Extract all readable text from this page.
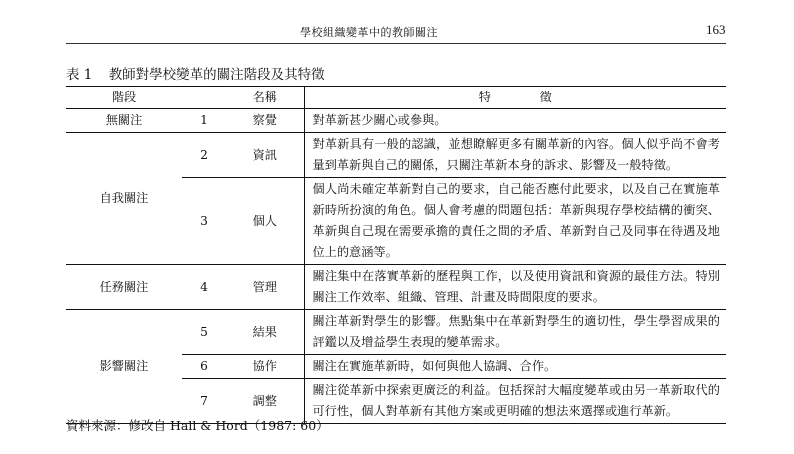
學校組織變革中的教師關注	163
表 1 教師對學校變革的關注階段及其特徵
階段		名稱	特　　　　徵
無關注	1	察覺	對革新甚少關心或參與。
自我關注	2	資訊	對革新具有一般的認識，並想瞭解更多有關革新的內容。個人似乎尚不會考量到革新與自己的關係，只關注革新本身的訴求、影響及一般特徵。
	3	個人	個人尚未確定革新對自己的要求，自己能否應付此要求，以及自己在實施革新時所扮演的角色。個人會考慮的問題包括：革新與現存學校結構的衝突、革新與自己現在需要承擔的責任之間的矛盾、革新對自己及同事在待遇及地位上的意涵等。
任務關注	4	管理	關注集中在落實革新的歷程與工作，以及使用資訊和資源的最佳方法。特別關注工作效率、組織、管理、計畫及時間限度的要求。
影響關注	5	結果	關注革新對學生的影響。焦點集中在革新對學生的適切性，學生學習成果的評鑑以及增益學生表現的變革需求。
	6	協作	關注在實施革新時，如何與他人協調、合作。
	7	調整	關注從革新中探索更廣泛的利益。包括探討大幅度變革或由另一革新取代的可行性，個人對革新有其他方案或更明確的想法來選擇或進行革新。
資料來源：修改自 Hall & Hord（1987: 60）
